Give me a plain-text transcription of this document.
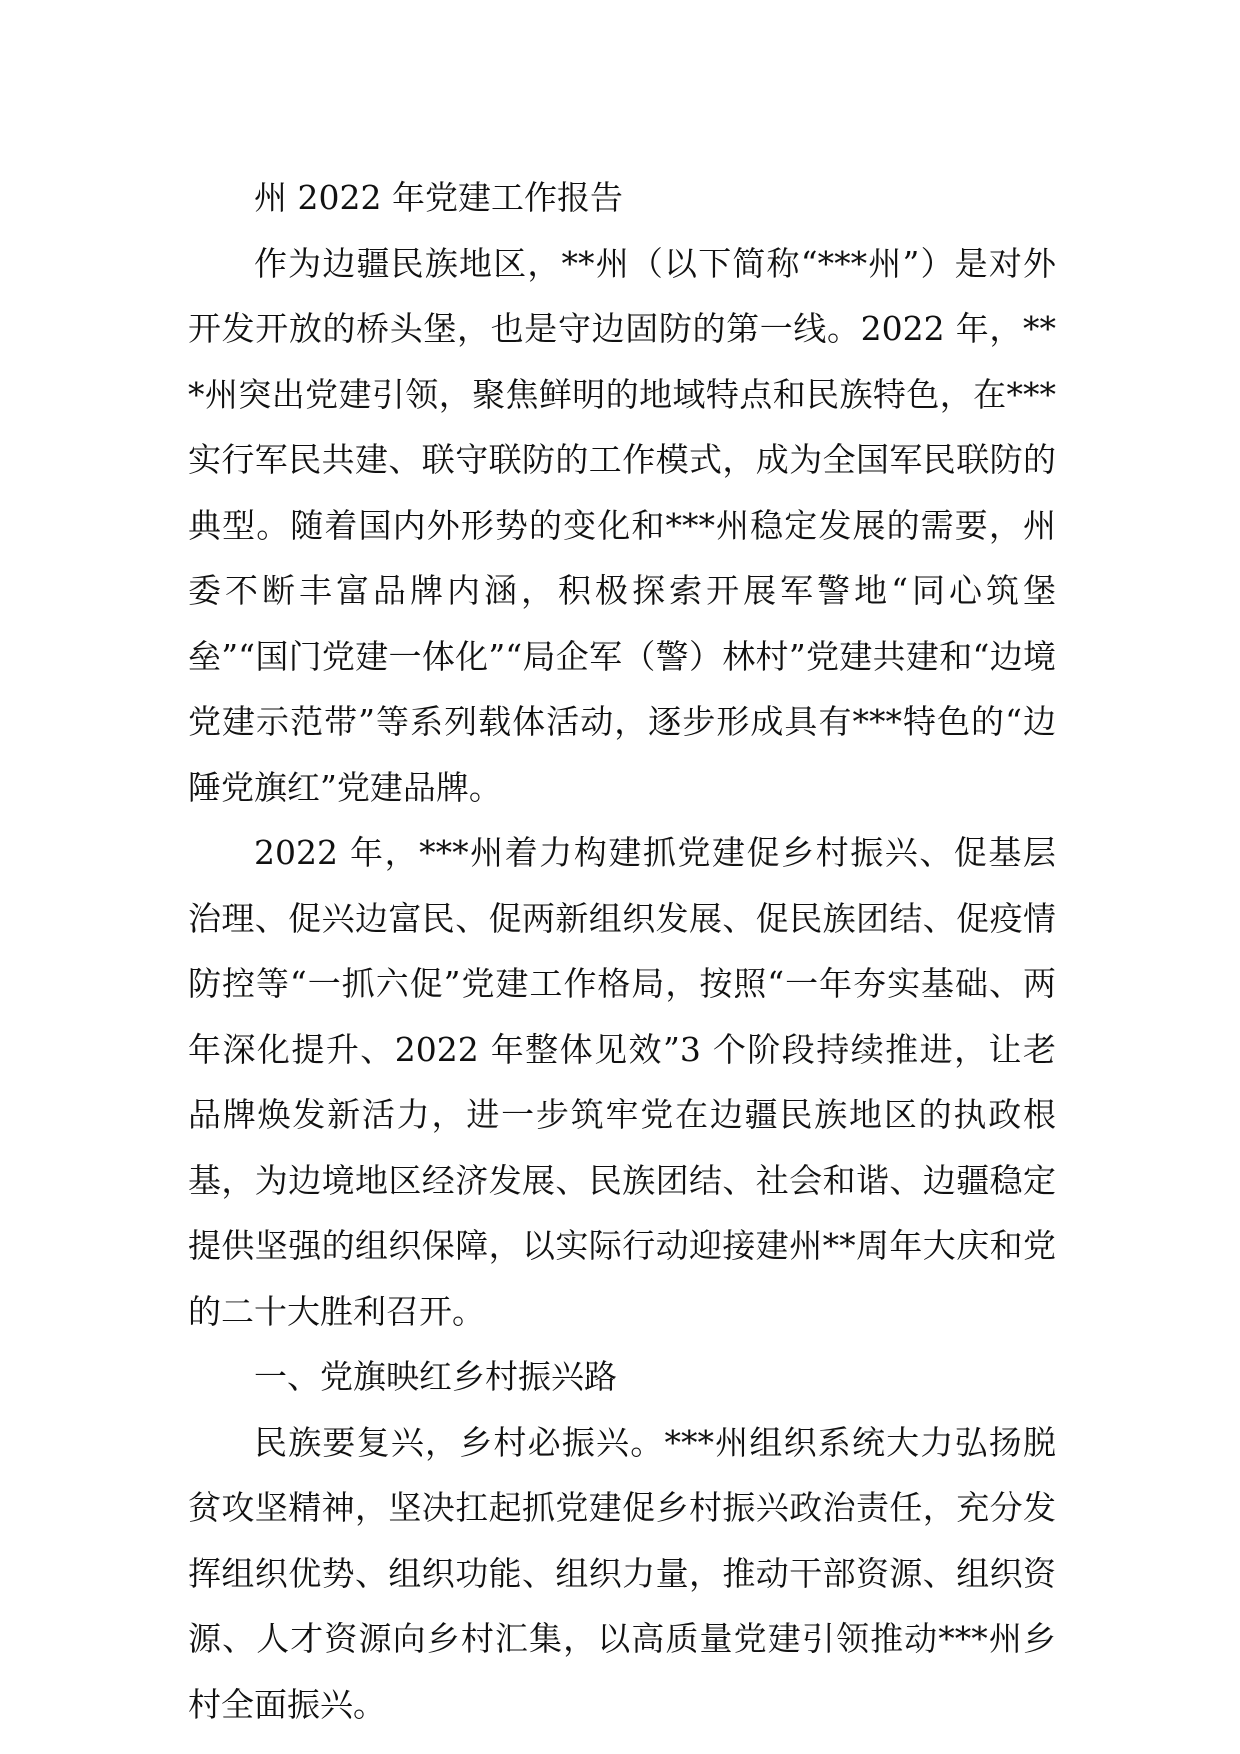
州 2022 年党建工作报告

作为边疆民族地区，**州（以下简称“***州”）是对外开发开放的桥头堡，也是守边固防的第一线。2022 年，***州突出党建引领，聚焦鲜明的地域特点和民族特色，在***实行军民共建、联守联防的工作模式，成为全国军民联防的典型。随着国内外形势的变化和***州稳定发展的需要，州委不断丰富品牌内涵，积极探索开展军警地“同心筑堡垒”“国门党建一体化”“局企军（警）林村”党建共建和“边境党建示范带”等系列载体活动，逐步形成具有***特色的“边陲党旗红”党建品牌。

2022 年，***州着力构建抓党建促乡村振兴、促基层治理、促兴边富民、促两新组织发展、促民族团结、促疫情防控等“一抓六促”党建工作格局，按照“一年夯实基础、两年深化提升、2022 年整体见效”3 个阶段持续推进，让老品牌焕发新活力，进一步筑牢党在边疆民族地区的执政根基，为边境地区经济发展、民族团结、社会和谐、边疆稳定提供坚强的组织保障，以实际行动迎接建州**周年大庆和党的二十大胜利召开。

一、党旗映红乡村振兴路

民族要复兴，乡村必振兴。***州组织系统大力弘扬脱贫攻坚精神，坚决扛起抓党建促乡村振兴政治责任，充分发挥组织优势、组织功能、组织力量，推动干部资源、组织资源、人才资源向乡村汇集，以高质量党建引领推动***州乡村全面振兴。
